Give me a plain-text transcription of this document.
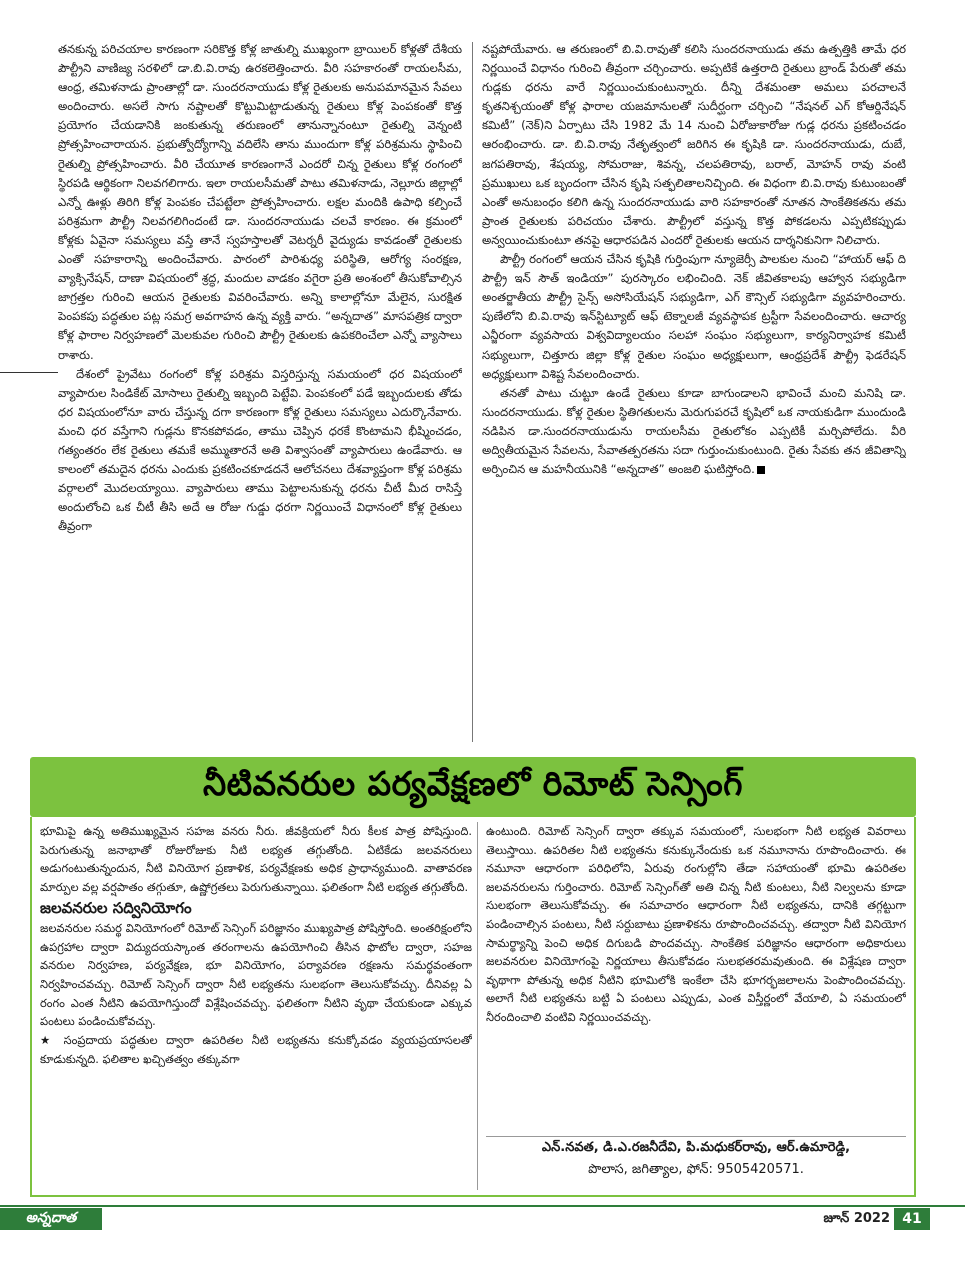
తనకున్న పరిచయాల కారణంగా సరికొత్త కోళ్ల జాతుల్ని ముఖ్యంగా బ్రాయిలర్ కోళ్లతో దేశీయ పౌల్ట్రీని వాణిజ్య సరళిలో డా.బి.వి.రావు ఉరకలెత్తించారు. వీరి సహకారంతో రాయలసీమ, ఆంధ్ర, తమిళనాడు ప్రాంతాల్లో డా. సుందరనాయుడు కోళ్ల రైతులకు అనుపమానమైన సేవలు అందించారు. అసలే సాగు నష్టాలతో కొట్టుమిట్టాడుతున్న రైతులు కోళ్ల పెంపకంతో కొత్త ప్రయోగం చేయడానికి జంకుతున్న తరుణంలో తానున్నానంటూ రైతుల్ని వెన్నంటి ప్రోత్సహించారాయన. ప్రభుత్వోద్యోగాన్ని వదిలేసి తాను ముందుగా కోళ్ల పరిశ్రమను స్థాపించి రైతుల్ని ప్రోత్సహించారు. వీరి చేయూత కారణంగానే ఎందరో చిన్న రైతులు కోళ్ల రంగంలో స్థిరపడి ఆర్థికంగా నిలవగలిగారు. ఇలా రాయలసీమతో పాటు తమిళనాడు, నెల్లూరు జిల్లాల్లో ఎన్నో ఊళ్లు తిరిగి కోళ్ల పెంపకం చేపట్టేలా ప్రోత్సహించారు. లక్షల మందికి ఉపాధి కల్పించే పరిశ్రమగా పౌల్ట్రీ నిలవగలిగిందంటే డా. సుందరనాయుడు చలవే కారణం. ఈ క్రమంలో కోళ్లకు ఏవైనా సమస్యలు వస్తే తానే స్వహస్తాలతో వెటర్నరీ వైద్యుడు కావడంతో రైతులకు ఎంతో సహకారాన్ని అందించేవారు. పారంలో పారిశుధ్య పరిస్థితి, ఆరోగ్య సంరక్షణ, వ్యాక్సినేషన్, దాణా విషయంలో శ్రద్ధ, మందుల వాడకం వగైరా ప్రతి అంశంలో తీసుకోవాల్సిన జాగ్రత్తల గురించి ఆయన రైతులకు వివరించేవారు. అన్ని కాలాల్లోనూ మేలైన, సురక్షిత పెంపకపు పద్ధతుల పట్ల సమగ్ర అవగాహన ఉన్న వ్యక్తి వారు. “అన్నదాత” మాసపత్రిక ద్వారా కోళ్ల ఫారాల నిర్వహణలో మెలకువల గురించి పౌల్ట్రీ రైతులకు ఉపకరించేలా ఎన్నో వ్యాసాలు రాశారు.

దేశంలో ప్రైవేటు రంగంలో కోళ్ల పరిశ్రమ విస్తరిస్తున్న సమయంలో ధర విషయంలో వ్యాపారుల సిండికేట్ మోసాలు రైతుల్ని ఇబ్బంది పెట్టేవి. పెంపకంలో పడే ఇబ్బందులకు తోడు ధర విషయంలోనూ వారు చేస్తున్న దగా కారణంగా కోళ్ల రైతులు సమస్యలు ఎదుర్కొనేవారు. మంచి ధర వస్తేగాని గుడ్లను కొనకపోవడం, తాము చెప్పిన ధరకే కొంటామని భీష్మించడం, గత్యంతరం లేక రైతులు తమకే అమ్ముతారనే అతి విశ్వాసంతో వ్యాపారులు ఉండేవారు. ఆ కాలంలో తమదైన ధరను ఎందుకు ప్రకటించకూడదనే ఆలోచనలు దేశవ్యాప్తంగా కోళ్ల పరిశ్రమ వర్గాలలో మొదలయ్యాయి. వ్యాపారులు తాము పెట్టాలనుకున్న ధరను చీటీ మీద రాసిస్తే అందులోంచి ఒక చీటీ తీసి అదే ఆ రోజు గుడ్డు ధరగా నిర్ణయించే విధానంలో కోళ్ల రైతులు తీవ్రంగా

నష్టపోయేవారు. ఆ తరుణంలో బి.వి.రావుతో కలిసి సుందరనాయుడు తమ ఉత్పత్తికి తామే ధర నిర్ణయించే విధానం గురించి తీవ్రంగా చర్చించారు. అప్పటికే ఉత్తరాది రైతులు బ్రాండ్ పేరుతో తమ గుడ్లకు ధరను వారే నిర్ణయించుకుంటున్నారు. దీన్ని దేశమంతా అమలు పరచాలనే కృతనిశ్చయంతో కోళ్ల ఫారాల యజమానులతో సుదీర్ఘంగా చర్చించి “నేషనల్ ఎగ్ కోఆర్డినేషన్ కమిటీ” (నెక్)ని ఏర్పాటు చేసి 1982 మే 14 నుంచి ఏరోజుకారోజు గుడ్ల ధరను ప్రకటించడం ఆరంభించారు. డా. బి.వి.రావు నేతృత్వంలో జరిగిన ఈ కృషికి డా. సుందరనాయుడు, దుబే, జగపతిరావు, శేషయ్య, సోమరాజు, శివన్న, చలపతిరావు, బరాల్, మోహన్ రావు వంటి ప్రముఖులు ఒక బృందంగా చేసిన కృషి సత్ఫలితాలనిచ్చింది. ఈ విధంగా బి.వి.రావు కుటుంబంతో ఎంతో అనుబంధం కలిగి ఉన్న సుందరనాయుడు వారి సహకారంతో నూతన సాంకేతికతను తమ ప్రాంత రైతులకు పరిచయం చేశారు. పౌల్ట్రీలో వస్తున్న కొత్త పోకడలను ఎప్పటికప్పుడు అన్వయించుకుంటూ తనపై ఆధారపడిన ఎందరో రైతులకు ఆయన దార్శనికునిగా నిలిచారు.

పౌల్ట్రీ రంగంలో ఆయన చేసిన కృషికి గుర్తింపుగా న్యూజెర్సీ పాలకుల నుంచి “హాయర్ ఆఫ్ ది పౌల్ట్రీ ఇన్ సౌత్ ఇండియా” పురస్కారం లభించింది. నెక్ జీవితకాలపు ఆహ్వాన సభ్యుడిగా అంతర్జాతీయ పౌల్ట్రీ సైన్స్ అసోసియేషన్ సభ్యుడిగా, ఎగ్ కౌన్సిల్ సభ్యుడిగా వ్యవహరించారు. పుణేలోని బి.వి.రావు ఇన్‌స్టిట్యూట్ ఆఫ్ టెక్నాలజీ వ్యవస్థాపక ట్రస్టీగా సేవలందించారు. ఆచార్య ఎన్జీరంగా వ్యవసాయ విశ్వవిద్యాలయం సలహా సంఘం సభ్యులుగా, కార్యనిర్వాహక కమిటీ సభ్యులుగా, చిత్తూరు జిల్లా కోళ్ల రైతుల సంఘం అధ్యక్షులుగా, ఆంధ్రప్రదేశ్ పౌల్ట్రీ ఫెడరేషన్ అధ్యక్షులుగా విశిష్ట సేవలందించారు.

తనతో పాటు చుట్టూ ఉండే రైతులు కూడా బాగుండాలని భావించే మంచి మనిషి డా. సుందరనాయుడు. కోళ్ల రైతుల స్థితిగతులను మెరుగుపరచే కృషిలో ఒక నాయకుడిగా ముందుండి నడిపిన డా.సుందరనాయుడును రాయలసీమ రైతులోకం ఎప్పటికీ మర్చిపోలేదు. వీరి అద్వితీయమైన సేవలను, సేవాతత్పరతను సదా గుర్తుంచుకుంటుంది. రైతు సేవకు తన జీవితాన్ని అర్పించిన ఆ మహనీయునికి “అన్నదాత” అంజలి ఘటిస్తోంది.

నీటివనరుల పర్యవేక్షణలో రిమోట్ సెన్సింగ్

భూమిపై ఉన్న అతిముఖ్యమైన సహజ వనరు నీరు. జీవక్రియలో నీరు కీలక పాత్ర పోషిస్తుంది. పెరుగుతున్న జనాభాతో రోజురోజుకు నీటి లభ్యత తగ్గుతోంది. ఏటికేడు జలవనరులు అడుగంటుతున్నందున, నీటి వినియోగ ప్రణాళిక, పర్యవేక్షణకు అధిక ప్రాధాన్యముంది. వాతావరణ మార్పుల వల్ల వర్షపాతం తగ్గుతూ, ఉష్ణోగ్రతలు పెరుగుతున్నాయి. ఫలితంగా నీటి లభ్యత తగ్గుతోంది.

జలవనరుల సద్వినియోగం

జలవనరుల సమర్థ వినియోగంలో రిమోట్ సెన్సింగ్ పరిజ్ఞానం ముఖ్యపాత్ర పోషిస్తోంది. అంతరిక్షంలోని ఉపగ్రహాల ద్వారా విద్యుదయస్కాంత తరంగాలను ఉపయోగించి తీసిన ఫొటోల ద్వారా, సహజ వనరుల నిర్వహణ, పర్యవేక్షణ, భూ వినియోగం, పర్యావరణ రక్షణను సమర్థవంతంగా నిర్వహించవచ్చు. రిమోట్ సెన్సింగ్ ద్వారా నీటి లభ్యతను సులభంగా తెలుసుకోవచ్చు. దీనివల్ల ఏ రంగం ఎంత నీటిని ఉపయోగిస్తుందో విశ్లేషించవచ్చు. ఫలితంగా నీటిని వృథా చేయకుండా ఎక్కువ పంటలు పండించుకోవచ్చు.

★ సంప్రదాయ పద్ధతుల ద్వారా ఉపరితల నీటి లభ్యతను కనుక్కోవడం వ్యయప్రయాసలతో కూడుకున్నది. ఫలితాల ఖచ్చితత్వం తక్కువగా

ఉంటుంది. రిమోట్ సెన్సింగ్ ద్వారా తక్కువ సమయంలో, సులభంగా నీటి లభ్యత వివరాలు తెలుస్తాయి. ఉపరితల నీటి లభ్యతను కనుక్కునేందుకు ఒక నమూనాను రూపొందించారు. ఈ నమూనా ఆధారంగా పరిధిలోని, ఏరువు రంగుల్లోని తేడా సహాయంతో భూమి ఉపరితల జలవనరులను గుర్తించారు. రిమోట్ సెన్సింగ్‌తో అతి చిన్న నీటి కుంటలు, నీటి నిల్వలను కూడా సులభంగా తెలుసుకోవచ్చు. ఈ సమాచారం ఆధారంగా నీటి లభ్యతను, దానికి తగ్గట్టుగా పండించాల్సిన పంటలు, నీటి సర్దుబాటు ప్రణాళికను రూపొందించవచ్చు. తద్వారా నీటి వినియోగ సామర్థ్యాన్ని పెంచి అధిక దిగుబడి పొందవచ్చు. సాంకేతిక పరిజ్ఞానం ఆధారంగా అధికారులు జలవనరుల వినియోగంపై నిర్ణయాలు తీసుకోవడం సులభతరమవుతుంది. ఈ విశ్లేషణ ద్వారా వృథాగా పోతున్న అధిక నీటిని భూమిలోకి ఇంకేలా చేసి భూగర్భజలాలను పెంపొందించవచ్చు. అలాగే నీటి లభ్యతను బట్టి ఏ పంటలు ఎప్పుడు, ఎంత విస్తీర్ణంలో వేయాలి, ఏ సమయంలో నీరందించాలి వంటివి నిర్ణయించవచ్చు.

ఎన్.నవత, డి.ఎ.రజనీదేవి, పి.మధుకర్‌రావు, ఆర్.ఉమారెడ్డి,
పొలాస, జగిత్యాల, ఫోన్: 9505420571.
అన్నదాత	జూన్ 2022 41
